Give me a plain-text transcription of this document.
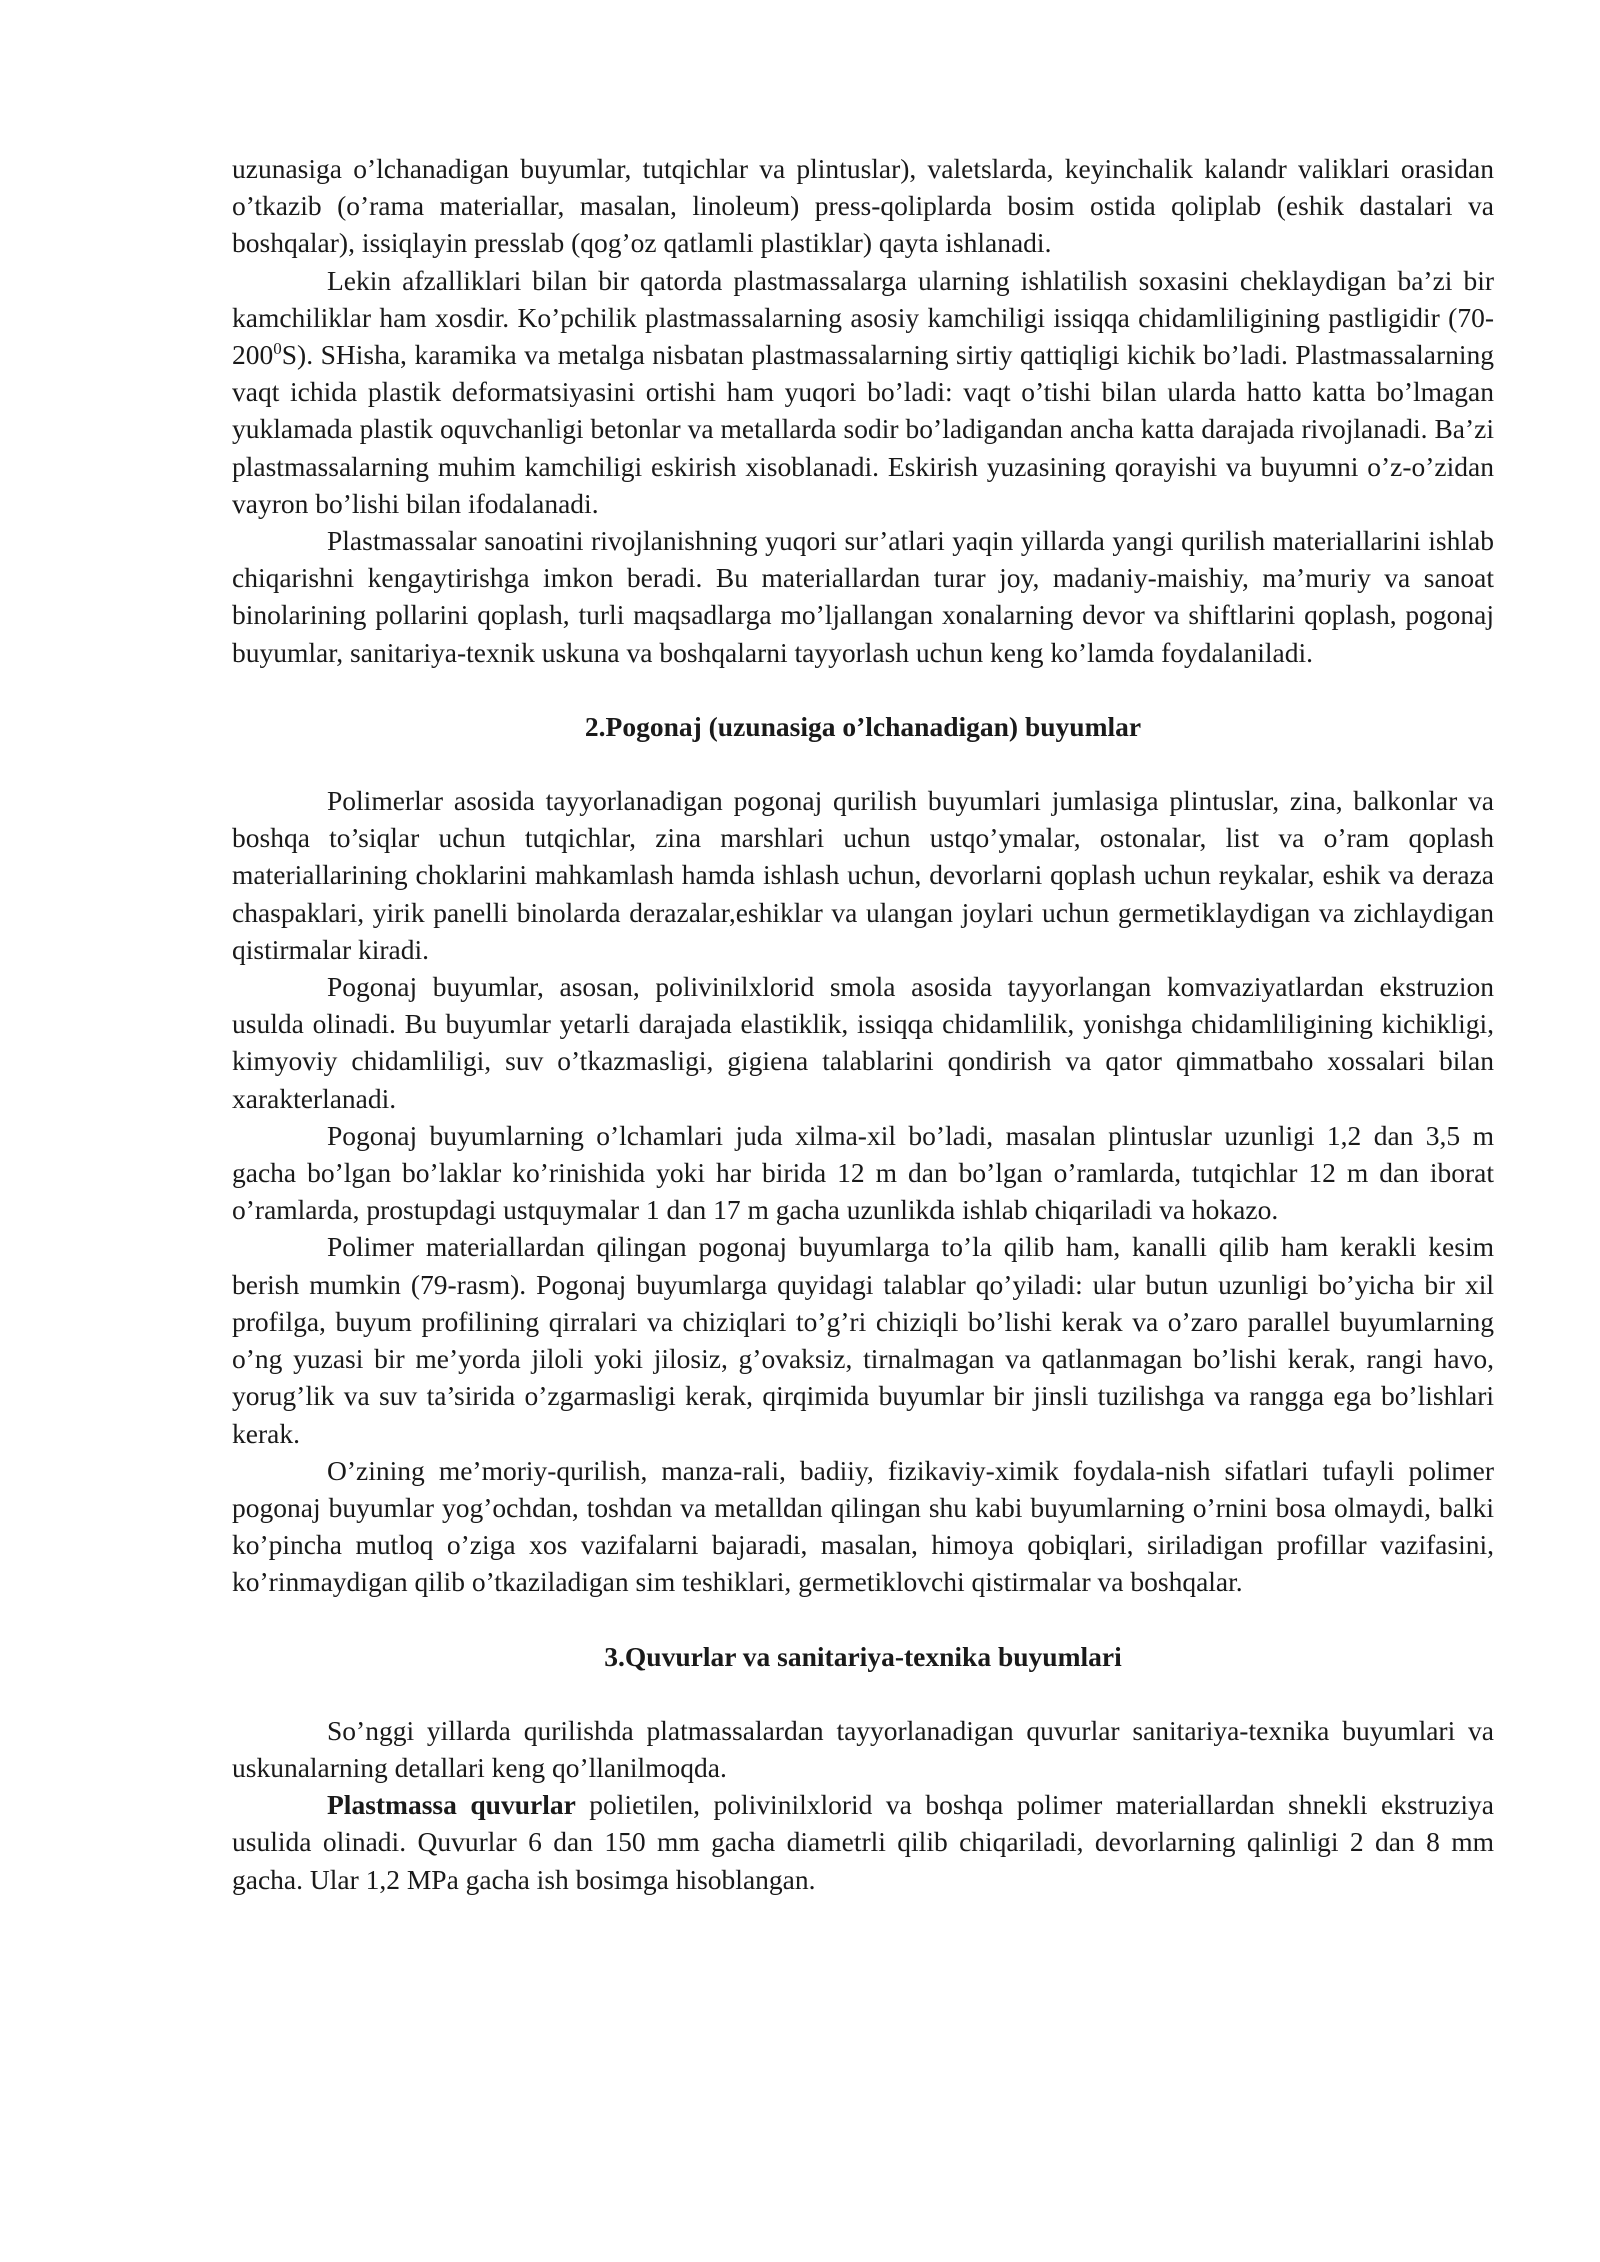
uzunasiga o’lchanadigan buyumlar, tutqichlar va plintuslar), valetslarda, keyinchalik kalandr valiklari orasidan o’tkazib (o’rama materiallar, masalan, linoleum) press-qoliplarda bosim ostida qoliplab (eshik dastalari va boshqalar), issiqlayin presslab (qog’oz qatlamli plastiklar) qayta ishlanadi.

Lekin afzalliklari bilan bir qatorda plastmassalarga ularning ishlatilish soxasini cheklaydigan ba’zi bir kamchiliklar ham xosdir. Ko’pchilik plastmassalarning asosiy kamchiligi issiqqa chidamliligining pastligidir $(70-200^0S)$. SHisha, karamika va metalga nisbatan plastmassalarning sirtiy qattiqligi kichik bo’ladi. Plastmassalarning vaqt ichida plastik deformatsiyasini ortishi ham yuqori bo’ladi: vaqt o’tishi bilan ularda hatto katta bo’lmagan yuklamada plastik oquvchanligi betonlar va metallarda sodir bo’ladigandan ancha katta darajada rivojlanadi. Ba’zi plastmassalarning muhim kamchiligi eskirish xisoblanadi. Eskirish yuzasining qorayishi va buyumni o’z-o’zidan vayron bo’lishi bilan ifodalanadi.

Plastmassalar sanoatini rivojlanishning yuqori sur’atlari yaqin yillarda yangi qurilish materiallarini ishlab chiqarishni kengaytirishga imkon beradi. Bu materiallardan turar joy, madaniy-maishiy, ma’muriy va sanoat binolarining pollarini qoplash, turli maqsadlarga mo’ljallangan xonalarning devor va shiftlarini qoplash, pogonaj buyumlar, sanitariya-texnik uskuna va boshqalarni tayyorlash uchun keng ko’lamda foydalaniladi.

2.Pogonaj (uzunasiga o’lchanadigan) buyumlar

Polimerlar asosida tayyorlanadigan pogonaj qurilish buyumlari jumlasiga plintuslar, zina, balkonlar va boshqa to’siqlar uchun tutqichlar, zina marshlari uchun ustqo’ymalar, ostonalar, list va o’ram qoplash materiallarining choklarini mahkamlash hamda ishlash uchun, devorlarni qoplash uchun reykalar, eshik va deraza chaspaklari, yirik panelli binolarda derazalar,eshiklar va ulangan joylari uchun germetiklaydigan va zichlaydigan qistirmalar kiradi.

Pogonaj buyumlar, asosan, polivinilxlorid smola asosida tayyorlangan komvaziyatlardan ekstruzion usulda olinadi. Bu buyumlar yetarli darajada elastiklik, issiqqa chidamlilik, yonishga chidamliligining kichikligi, kimyoviy chidamliligi, suv o’tkazmasligi, gigiena talablarini qondirish va qator qimmatbaho xossalari bilan xarakterlanadi.

Pogonaj buyumlarning o’lchamlari juda xilma-xil bo’ladi, masalan plintuslar uzunligi 1,2 dan 3,5 m gacha bo’lgan bo’laklar ko’rinishida yoki har birida 12 m dan bo’lgan o’ramlarda, tutqichlar 12 m dan iborat o’ramlarda, prostupdagi ustquymalar 1 dan 17 m gacha uzunlikda ishlab chiqariladi va hokazo.

Polimer materiallardan qilingan pogonaj buyumlarga to’la qilib ham, kanalli qilib ham kerakli kesim berish mumkin (79-rasm). Pogonaj buyumlarga quyidagi talablar qo’yiladi: ular butun uzunligi bo’yicha bir xil profilga, buyum profilining qirralari va chiziqlari to’g’ri chiziqli bo’lishi kerak va o’zaro parallel buyumlarning o’ng yuzasi bir me’yorda jiloli yoki jilosiz, g’ovaksiz, tirnalmagan va qatlanmagan bo’lishi kerak, rangi havo, yorug’lik va suv ta’sirida o’zgarmasligi kerak, qirqimida buyumlar bir jinsli tuzilishga va rangga ega bo’lishlari kerak.

O’zining me’moriy-qurilish, manza-rali, badiiy, fizikaviy-ximik foydala-nish sifatlari tufayli polimer pogonaj buyumlar yog’ochdan, toshdan va metalldan qilingan shu kabi buyumlarning o’rnini bosa olmaydi, balki ko’pincha mutloq o’ziga xos vazifalarni bajaradi, masalan, himoya qobiqlari, siriladigan profillar vazifasini, ko’rinmaydigan qilib o’tkaziladigan sim teshiklari, germetiklovchi qistirmalar va boshqalar.

3.Quvurlar va sanitariya-texnika buyumlari

So’nggi yillarda qurilishda platmassalardan tayyorlanadigan quvurlar sanitariya-texnika buyumlari va uskunalarning detallari keng qo’llanilmoqda.

Plastmassa quvurlar polietilen, polivinilxlorid va boshqa polimer materiallardan shnekli ekstruziya usulida olinadi. Quvurlar 6 dan 150 mm gacha diametrli qilib chiqariladi, devorlarning qalinligi 2 dan 8 mm gacha. Ular 1,2 MPa gacha ish bosimga hisoblangan.
